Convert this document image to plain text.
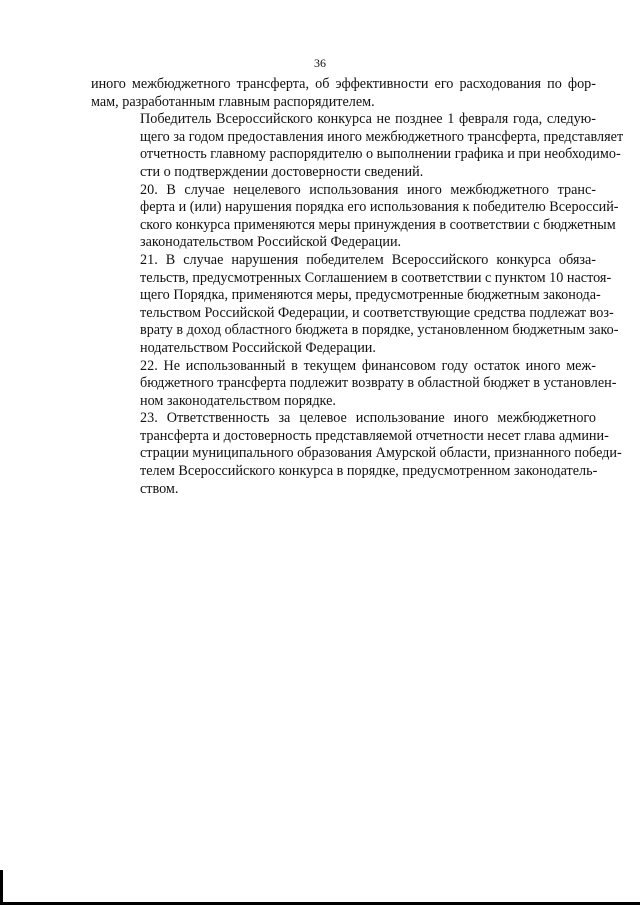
36

иного межбюджетного трансферта, об эффективности его расходования по фор-
мам, разработанным главным распорядителем.

Победитель Всероссийского конкурса не позднее 1 февраля года, следую-
щего за годом предоставления иного межбюджетного трансферта, представляет
отчетность главному распорядителю о выполнении графика и при необходимо-
сти о подтверждении достоверности сведений.

20. В случае нецелевого использования иного межбюджетного транс-
ферта и (или) нарушения порядка его использования к победителю Всероссий-
ского конкурса применяются меры принуждения в соответствии с бюджетным
законодательством Российской Федерации.

21. В случае нарушения победителем Всероссийского конкурса обяза-
тельств, предусмотренных Соглашением в соответствии с пунктом 10 настоя-
щего Порядка, применяются меры, предусмотренные бюджетным законода-
тельством Российской Федерации, и соответствующие средства подлежат воз-
врату в доход областного бюджета в порядке, установленном бюджетным зако-
нодательством Российской Федерации.

22. Не использованный в текущем финансовом году остаток иного меж-
бюджетного трансферта подлежит возврату в областной бюджет в установлен-
ном законодательством порядке.

23. Ответственность за целевое использование иного межбюджетного
трансферта и достоверность представляемой отчетности несет глава админи-
страции муниципального образования Амурской области, признанного победи-
телем Всероссийского конкурса в порядке, предусмотренном законодатель-
ством.
